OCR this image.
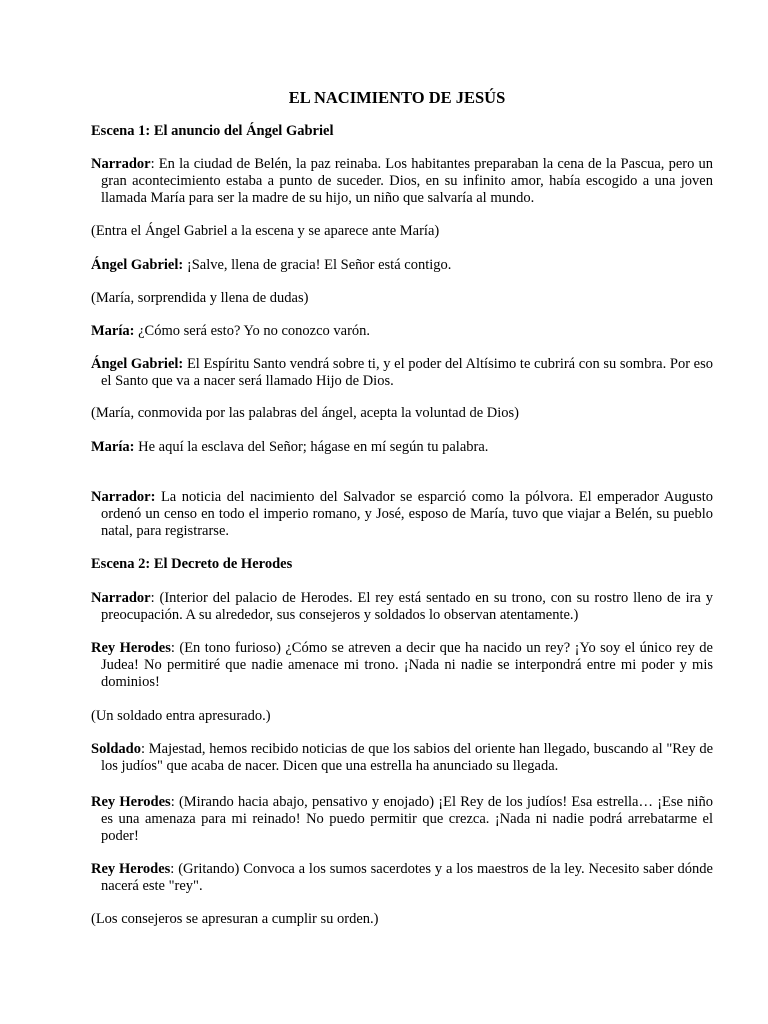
EL NACIMIENTO DE JESÚS

Escena 1: El anuncio del Ángel Gabriel

Narrador: En la ciudad de Belén, la paz reinaba. Los habitantes preparaban la cena de la Pascua, pero un gran acontecimiento estaba a punto de suceder. Dios, en su infinito amor, había escogido a una joven llamada María para ser la madre de su hijo, un niño que salvaría al mundo.

(Entra el Ángel Gabriel a la escena y se aparece ante María)

Ángel Gabriel: ¡Salve, llena de gracia! El Señor está contigo.

(María, sorprendida y llena de dudas)

María: ¿Cómo será esto? Yo no conozco varón.

Ángel Gabriel: El Espíritu Santo vendrá sobre ti, y el poder del Altísimo te cubrirá con su sombra. Por eso el Santo que va a nacer será llamado Hijo de Dios.

(María, conmovida por las palabras del ángel, acepta la voluntad de Dios)

María: He aquí la esclava del Señor; hágase en mí según tu palabra.

Narrador: La noticia del nacimiento del Salvador se esparció como la pólvora. El emperador Augusto ordenó un censo en todo el imperio romano, y José, esposo de María, tuvo que viajar a Belén, su pueblo natal, para registrarse.

Escena 2: El Decreto de Herodes

Narrador: (Interior del palacio de Herodes. El rey está sentado en su trono, con su rostro lleno de ira y preocupación. A su alrededor, sus consejeros y soldados lo observan atentamente.)

Rey Herodes: (En tono furioso) ¿Cómo se atreven a decir que ha nacido un rey? ¡Yo soy el único rey de Judea! No permitiré que nadie amenace mi trono. ¡Nada ni nadie se interpondrá entre mi poder y mis dominios!

(Un soldado entra apresurado.)

Soldado: Majestad, hemos recibido noticias de que los sabios del oriente han llegado, buscando al "Rey de los judíos" que acaba de nacer. Dicen que una estrella ha anunciado su llegada.

Rey Herodes: (Mirando hacia abajo, pensativo y enojado) ¡El Rey de los judíos! Esa estrella… ¡Ese niño es una amenaza para mi reinado! No puedo permitir que crezca. ¡Nada ni nadie podrá arrebatarme el poder!

Rey Herodes: (Gritando) Convoca a los sumos sacerdotes y a los maestros de la ley. Necesito saber dónde nacerá este "rey".

(Los consejeros se apresuran a cumplir su orden.)
